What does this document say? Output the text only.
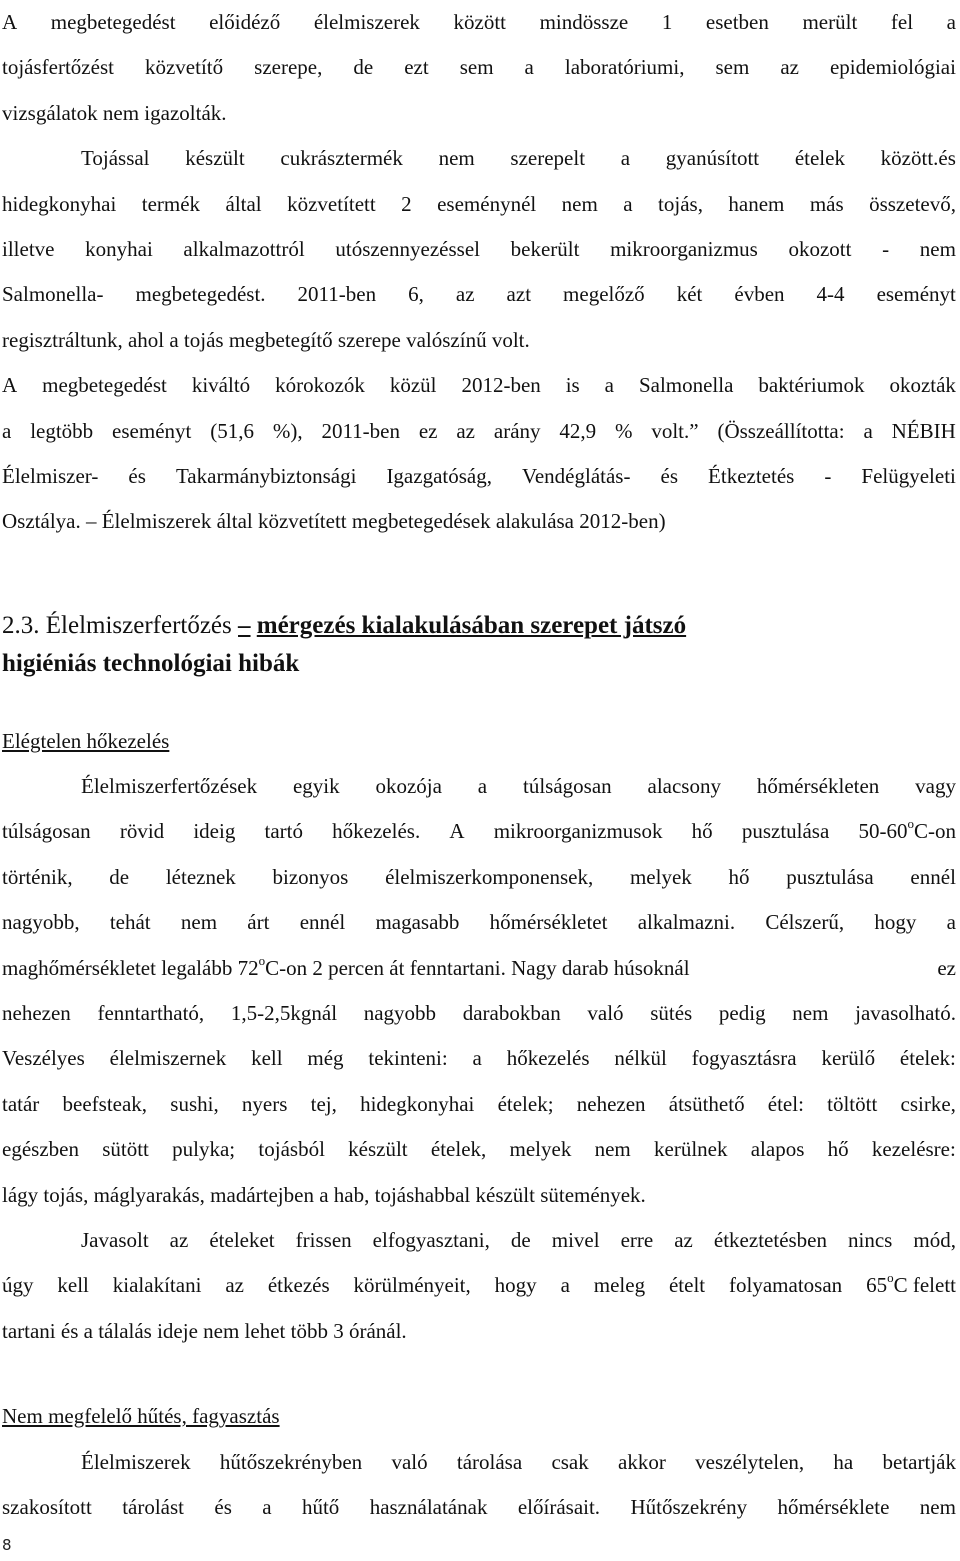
A megbetegedést előidéző élelmiszerek között mindössze 1 esetben merült fel a
tojásfertőzést közvetítő szerepe, de ezt sem a laboratóriumi, sem az epidemiológiai
vizsgálatok nem igazolták.
Tojással készült cukrásztermék nem szerepelt a gyanúsított ételek között.és
hidegkonyhai termék által közvetített 2 eseménynél nem a tojás, hanem más összetevő,
illetve konyhai alkalmazottról utószennyezéssel bekerült mikroorganizmus okozott - nem
Salmonella- megbetegedést. 2011-ben 6, az azt megelőző két évben 4-4 eseményt
regisztráltunk, ahol a tojás megbetegítő szerepe valószínű volt.
A megbetegedést kiváltó kórokozók közül 2012-ben is a Salmonella baktériumok okozták
a legtöbb eseményt (51,6 %), 2011-ben ez az arány 42,9 % volt.” (Összeállította: a NÉBIH
Élelmiszer- és Takarmánybiztonsági Igazgatóság, Vendéglátás- és Étkeztetés - Felügyeleti
Osztálya. – Élelmiszerek által közvetített megbetegedések alakulása 2012-ben)
2.3. Élelmiszerfertőzés – mérgezés kialakulásában szerepet játszó
higiéniás technológiai hibák
Elégtelen hőkezelés
Élelmiszerfertőzések egyik okozója a túlságosan alacsony hőmérsékleten vagy
túlságosan rövid ideig tartó hőkezelés. A mikroorganizmusok hő pusztulása 50-60 $^o$C-on
történik, de léteznek bizonyos élelmiszerkomponensek, melyek hő pusztulása ennél
nagyobb, tehát nem árt ennél magasabb hőmérsékletet alkalmazni. Célszerű, hogy a
maghőmérsékletet legalább 72$^o$C-on 2 percen át fenntartani. Nagy darab húsoknál	ez
nehezen fenntartható, 1,5-2,5kgnál nagyobb darabokban való sütés pedig nem javasolható.
Veszélyes élelmiszernek kell még tekinteni: a hőkezelés nélkül fogyasztásra kerülő ételek:
tatár beefsteak, sushi, nyers tej, hidegkonyhai ételek; nehezen átsüthető étel: töltött csirke,
egészben sütött pulyka; tojásból készült ételek, melyek nem kerülnek alapos hő kezelésre:
lágy tojás, máglyarakás, madártejben a hab, tojáshabbal készült sütemények.
Javasolt az ételeket frissen elfogyasztani, de mivel erre az étkeztetésben nincs mód,
úgy kell kialakítani az étkezés körülményeit, hogy a meleg ételt folyamatosan 65 $^o$C felett
tartani és a tálalás ideje nem lehet több 3 óránál.
Nem megfelelő hűtés, fagyasztás
Élelmiszerek hűtőszekrényben való tárolása csak akkor veszélytelen, ha betartják
szakosított tárolást és a hűtő használatának előírásait. Hűtőszekrény hőmérséklete nem
8
